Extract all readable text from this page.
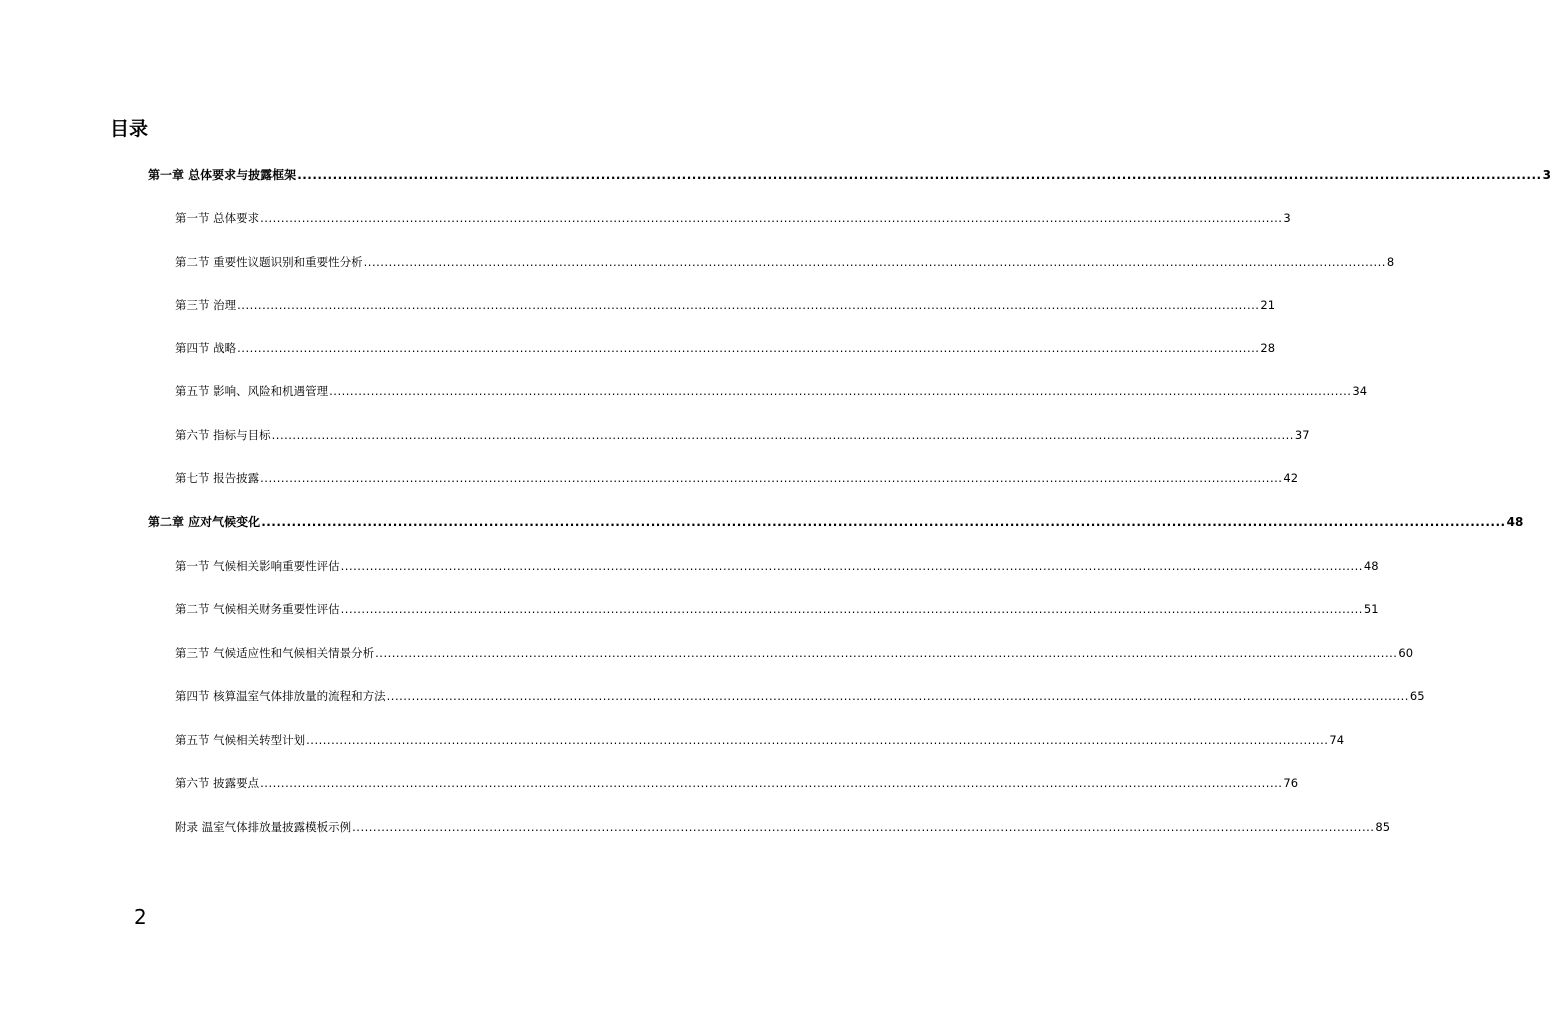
目录
第一章 总体要求与披露框架 .....	3
第一节 总体要求 .....	3
第二节 重要性议题识别和重要性分析 .....	8
第三节 治理 .....	21
第四节 战略 .....	28
第五节 影响、风险和机遇管理 .....	34
第六节 指标与目标 .....	37
第七节 报告披露 .....	42
第二章 应对气候变化 .....	48
第一节 气候相关影响重要性评估 .....	48
第二节 气候相关财务重要性评估 .....	51
第三节 气候适应性和气候相关情景分析 .....	60
第四节 核算温室气体排放量的流程和方法 .....	65
第五节 气候相关转型计划 .....	74
第六节 披露要点 .....	76
附录 温室气体排放量披露模板示例 .....	85
2
